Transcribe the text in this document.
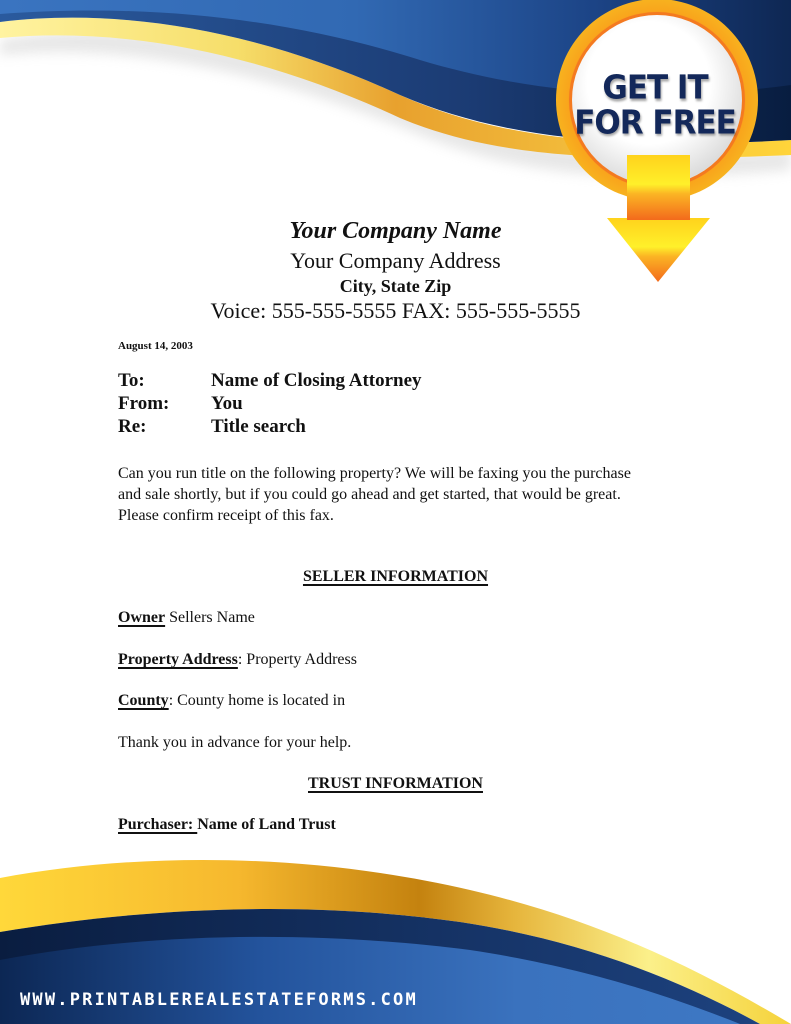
GET IT
FOR FREE
Your Company Name
Your Company Address
City, State Zip
Voice: 555-555-5555 FAX: 555-555-5555
August 14, 2003
To:	Name of Closing Attorney
From:	You
Re:	Title search
Can you run title on the following property? We will be faxing you the purchase and sale shortly, but if you could go ahead and get started, that would be great.
Please confirm receipt of this fax.
SELLER INFORMATION
Owner Sellers Name
Property Address: Property Address
County: County home is located in
Thank you in advance for your help.
TRUST INFORMATION
Purchaser: Name of Land Trust
WWW.PRINTABLEREALESTATEFORMS.COM
